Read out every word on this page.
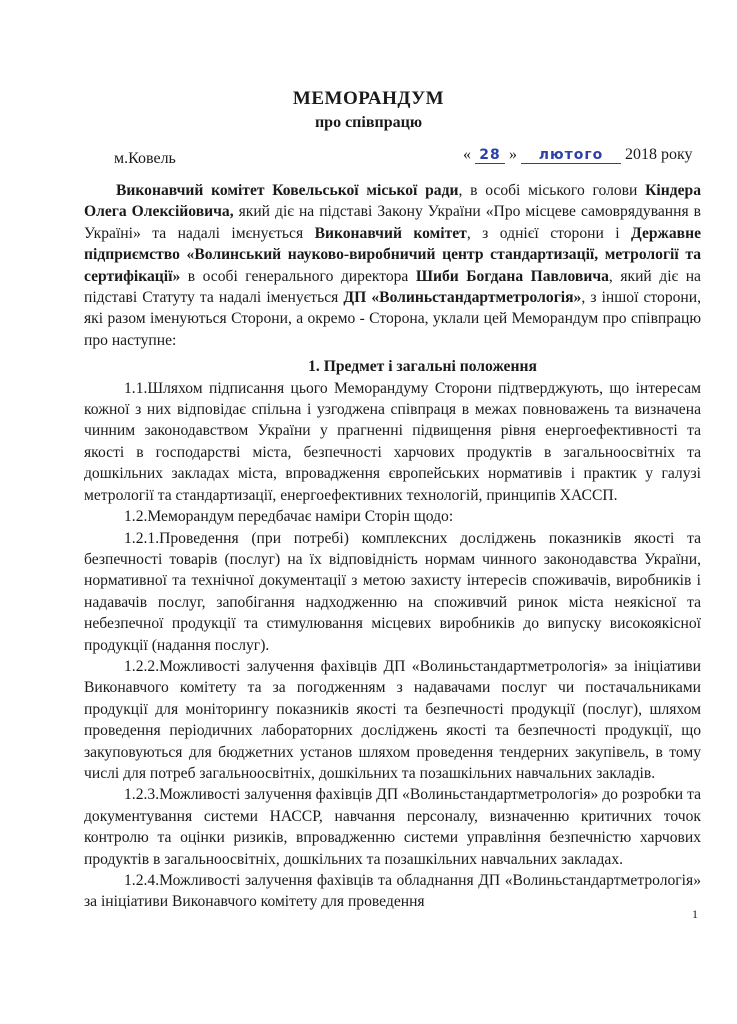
МЕМОРАНДУМ
про співпрацю
м.Ковель	« 28 » лютого 2018 року

Виконавчий комітет Ковельської міської ради, в особі міського голови Кіндера Олега Олексійовича, який діє на підставі Закону України «Про місцеве самоврядування в Україні» та надалі імєнується Виконавчий комітет, з однієї сторони і Державне підприємство «Волинський науково-виробничий центр стандартизації, метрології та сертифікації» в особі генерального директора Шиби Богдана Павловича, який діє на підставі Статуту та надалі іменується ДП «Волиньстандартметрологія», з іншої сторони, які разом іменуються Сторони, а окремо - Сторона, уклали цей Меморандум про співпрацю про наступне:

1. Предмет і загальні положення

1.1.Шляхом підписання цього Меморандуму Сторони підтверджують, що інтересам кожної з них відповідає спільна і узгоджена співпраця в межах повноважень та визначена чинним законодавством України у прагненні підвищення рівня енергоефективності та якості в господарстві міста, безпечності харчових продуктів в загальноосвітніх та дошкільних закладах міста, впровадження європейських нормативів і практик у галузі метрології та стандартизації, енергоефективних технологій, принципів ХАССП.

1.2.Меморандум передбачає наміри Сторін щодо:

1.2.1.Проведення (при потребі) комплексних досліджень показників якості та безпечності товарів (послуг) на їх відповідність нормам чинного законодавства України, нормативної та технічної документації з метою захисту інтересів споживачів, виробників і надавачів послуг, запобігання надходженню на споживчий ринок міста неякісної та небезпечної продукції та стимулювання місцевих виробників до випуску високоякісної продукції (надання послуг).

1.2.2.Можливості залучення фахівців ДП «Волиньстандартметрологія» за ініціативи Виконавчого комітету та за погодженням з надавачами послуг чи постачальниками продукції для моніторингу показників якості та безпечності продукції (послуг), шляхом проведення періодичних лабораторних досліджень якості та безпечності продукції, що закуповуються для бюджетних установ шляхом проведення тендерних закупівель, в тому числі для потреб загальноосвітніх, дошкільних та позашкільних навчальних закладів.

1.2.3.Можливості залучення фахівців ДП «Волиньстандартметрологія» до розробки та документування системи НАССР, навчання персоналу, визначенню критичних точок контролю та оцінки ризиків, впровадженню системи управління безпечністю харчових продуктів в загальноосвітніх, дошкільних та позашкільних навчальних закладах.

1.2.4.Можливості залучення фахівців та обладнання ДП «Волиньстандартметрологія» за ініціативи Виконавчого комітету для проведення

1
